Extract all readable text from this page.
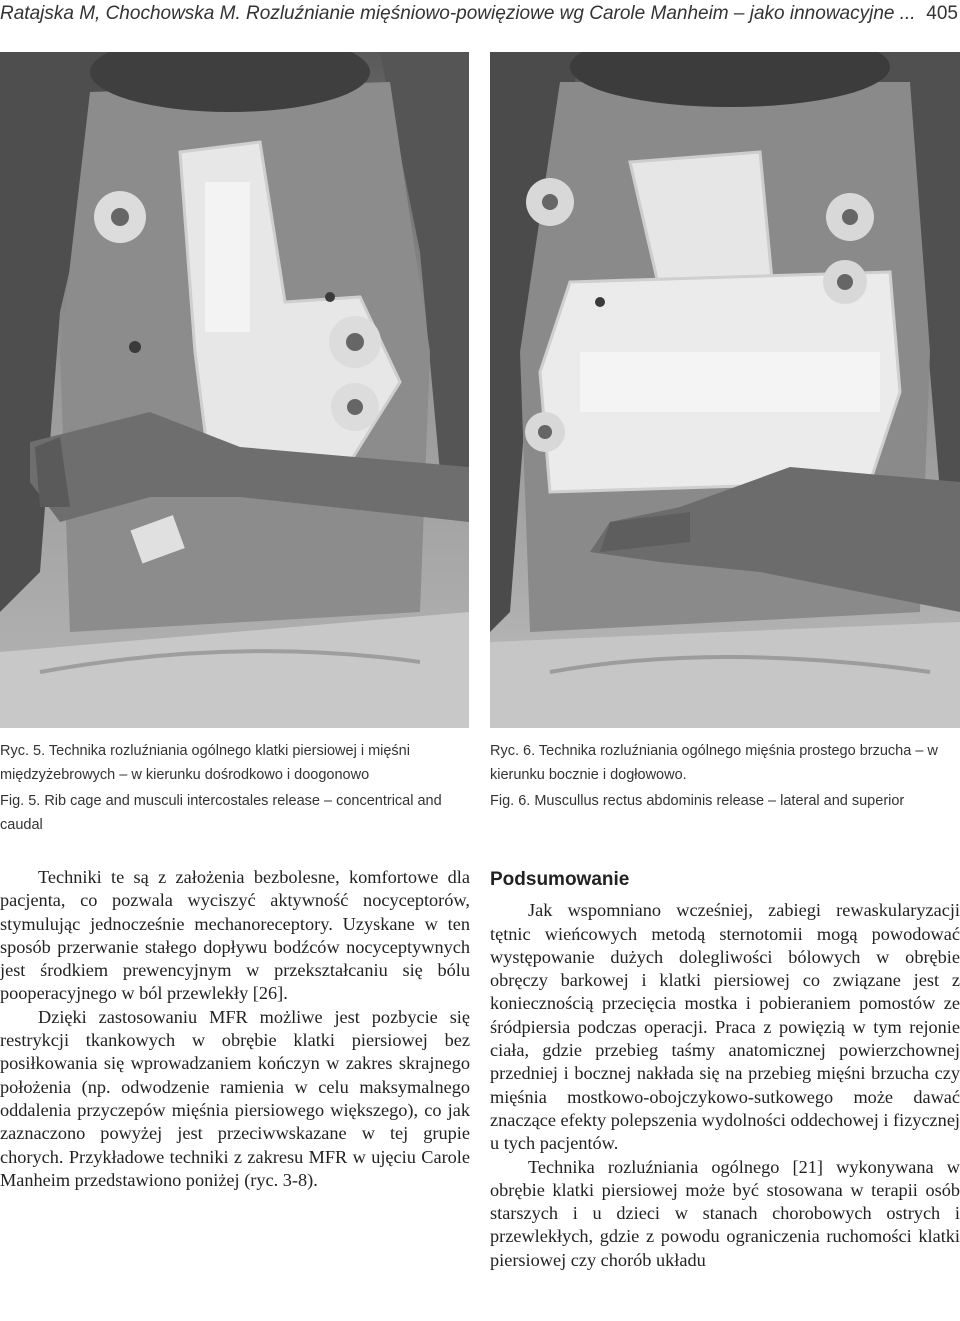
Ratajska M, Chochowska M. Rozluźnianie mięśniowo-powięziowe wg Carole Manheim – jako innowacyjne ... 405

Ryc. 5. Technika rozluźniania ogólnego klatki piersiowej i mięśni międzyżebrowych – w kierunku dośrodkowo i doogonowo

Fig. 5. Rib cage and musculi intercostales release – concentrical and caudal

Ryc. 6. Technika rozluźniania ogólnego mięśnia prostego brzucha – w kierunku bocznie i dogłowowo.

Fig. 6. Muscullus rectus abdominis release – lateral and superior

Techniki te są z założenia bezbolesne, komfortowe dla pacjenta, co pozwala wyciszyć aktywność nocyceptorów, stymulując jednocześnie mechanoreceptory. Uzyskane w ten sposób przerwanie stałego dopływu bodźców nocyceptywnych jest środkiem prewencyjnym w przekształcaniu się bólu pooperacyjnego w ból przewlekły [26].

Dzięki zastosowaniu MFR możliwe jest pozbycie się restrykcji tkankowych w obrębie klatki piersiowej bez posiłkowania się wprowadzaniem kończyn w zakres skrajnego położenia (np. odwodzenie ramienia w celu maksymalnego oddalenia przyczepów mięśnia piersiowego większego), co jak zaznaczono powyżej jest przeciwwskazane w tej grupie chorych. Przykładowe techniki z zakresu MFR w ujęciu Carole Manheim przedstawiono poniżej (ryc. 3-8).

Podsumowanie

Jak wspomniano wcześniej, zabiegi rewaskularyzacji tętnic wieńcowych metodą sternotomii mogą powodować występowanie dużych dolegliwości bólowych w obrębie obręczy barkowej i klatki piersiowej co związane jest z koniecznością przecięcia mostka i pobieraniem pomostów ze śródpiersia podczas operacji. Praca z powięzią w tym rejonie ciała, gdzie przebieg taśmy anatomicznej powierzchownej przedniej i bocznej nakłada się na przebieg mięśni brzucha czy mięśnia mostkowo-obojczykowo-sutkowego może dawać znaczące efekty polepszenia wydolności oddechowej i fizycznej u tych pacjentów.

Technika rozluźniania ogólnego [21] wykonywana w obrębie klatki piersiowej może być stosowana w terapii osób starszych i u dzieci w stanach chorobowych ostrych i przewlekłych, gdzie z powodu ograniczenia ruchomości klatki piersiowej czy chorób układu
